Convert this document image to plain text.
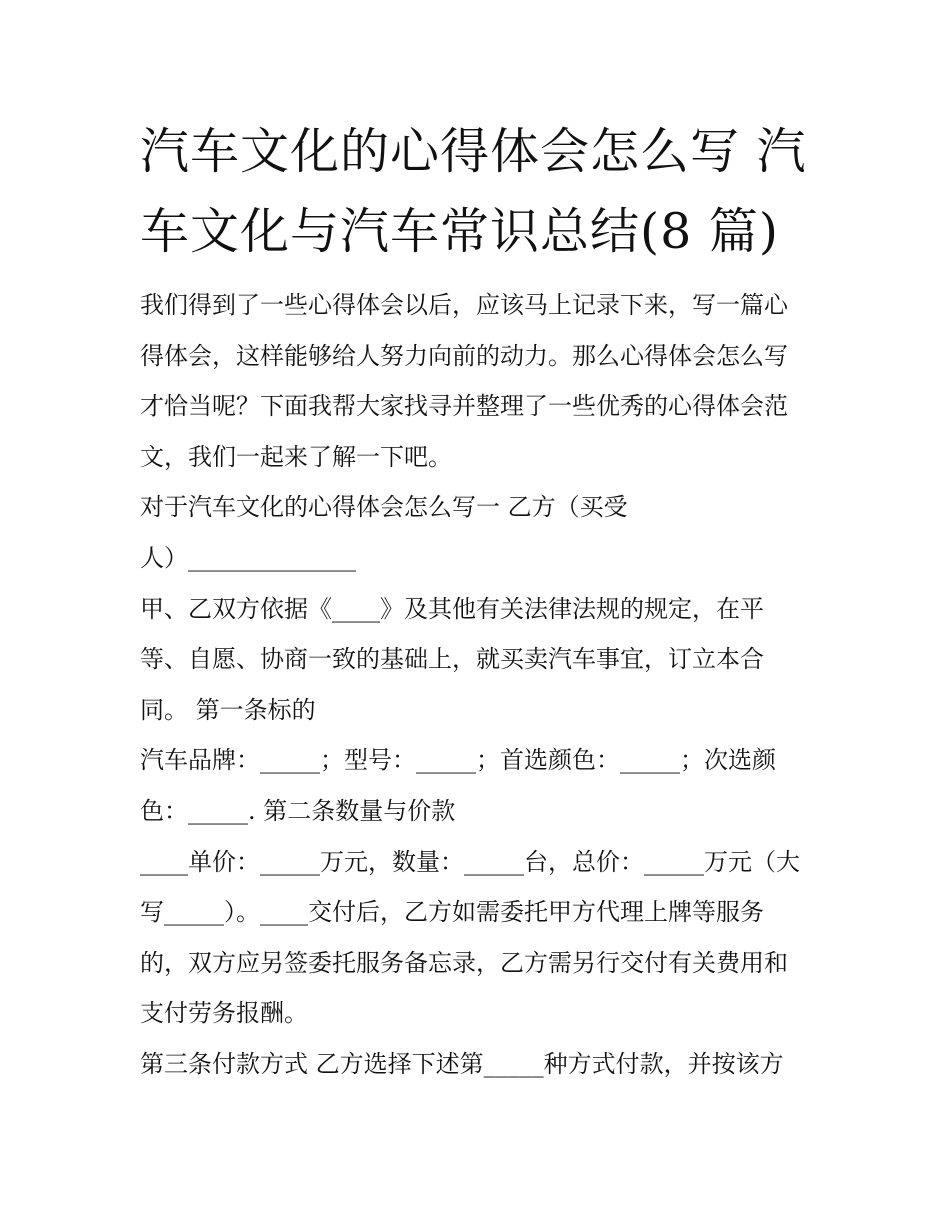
汽车文化的心得体会怎么写 汽
车文化与汽车常识总结(8 篇)
我们得到了一些心得体会以后，应该马上记录下来，写一篇心
得体会，这样能够给人努力向前的动力。那么心得体会怎么写
才恰当呢？下面我帮大家找寻并整理了一些优秀的心得体会范
文，我们一起来了解一下吧。
对于汽车文化的心得体会怎么写一 乙方（买受
人）______________
甲、乙双方依据《____》及其他有关法律法规的规定，在平
等、自愿、协商一致的基础上，就买卖汽车事宜，订立本合
同。 第一条标的
汽车品牌：_____；型号：_____；首选颜色：_____；次选颜
色：_____. 第二条数量与价款
____单价：_____万元，数量：_____台，总价：_____万元（大
写_____）。____交付后，乙方如需委托甲方代理上牌等服务
的，双方应另签委托服务备忘录，乙方需另行交付有关费用和
支付劳务报酬。
第三条付款方式 乙方选择下述第_____种方式付款，并按该方
